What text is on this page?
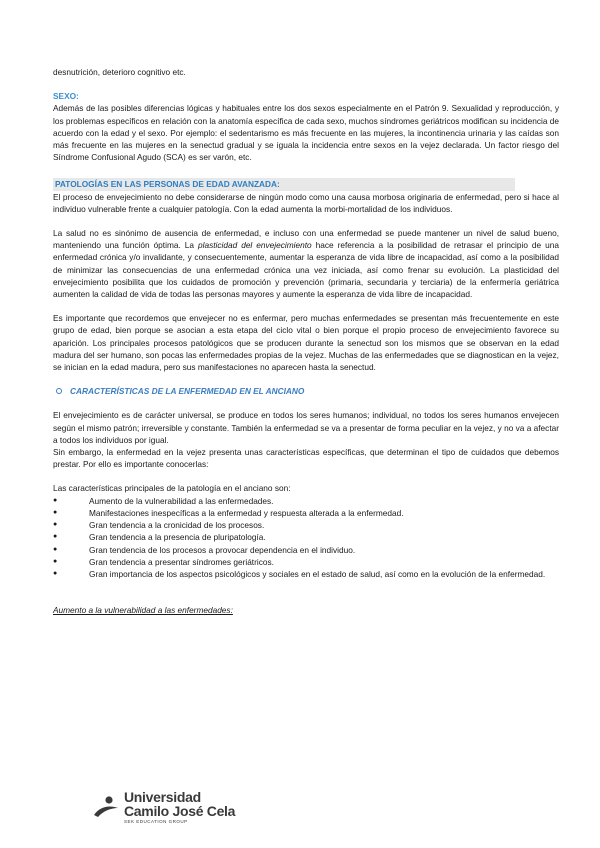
desnutrición, deterioro cognitivo etc.

SEXO:

Además de las posibles diferencias lógicas y habituales entre los dos sexos especialmente en el Patrón 9. Sexualidad y reproducción, y los problemas específicos en relación con la anatomía específica de cada sexo, muchos síndromes geriátricos modifican su incidencia de acuerdo con la edad y el sexo. Por ejemplo: el sedentarismo es más frecuente en las mujeres, la incontinencia urinaria y las caídas son más frecuente en las mujeres en la senectud gradual y se iguala la incidencia entre sexos en la vejez declarada. Un factor riesgo del Síndrome Confusional Agudo (SCA) es ser varón, etc.

PATOLOGÍAS EN LAS PERSONAS DE EDAD AVANZADA:

El proceso de envejecimiento no debe considerarse de ningún modo como una causa morbosa originaria de enfermedad, pero si hace al individuo vulnerable frente a cualquier patología. Con la edad aumenta la morbi-mortalidad de los individuos.

La salud no es sinónimo de ausencia de enfermedad, e incluso con una enfermedad se puede mantener un nivel de salud bueno, manteniendo una función óptima. La plasticidad del envejecimiento hace referencia a la posibilidad de retrasar el principio de una enfermedad crónica y/o invalidante, y consecuentemente, aumentar la esperanza de vida libre de incapacidad, así como a la posibilidad de minimizar las consecuencias de una enfermedad crónica una vez iniciada, así como frenar su evolución. La plasticidad del envejecimiento posibilita que los cuidados de promoción y prevención (primaria, secundaria y terciaria) de la enfermería geriátrica aumenten la calidad de vida de todas las personas mayores y aumente la esperanza de vida libre de incapacidad.

Es importante que recordemos que envejecer no es enfermar, pero muchas enfermedades se presentan más frecuentemente en este grupo de edad, bien porque se asocian a esta etapa del ciclo vital o bien porque el propio proceso de envejecimiento favorece su aparición. Los principales procesos patológicos que se producen durante la senectud son los mismos que se observan en la edad madura del ser humano, son pocas las enfermedades propias de la vejez. Muchas de las enfermedades que se diagnostican en la vejez, se inician en la edad madura, pero sus manifestaciones no aparecen hasta la senectud.

CARACTERÍSTICAS DE LA ENFERMEDAD EN EL ANCIANO

El envejecimiento es de carácter universal, se produce en todos los seres humanos; individual, no todos los seres humanos envejecen según el mismo patrón; irreversible y constante. También la enfermedad se va a presentar de forma peculiar en la vejez, y no va a afectar a todos los individuos por igual.

Sin embargo, la enfermedad en la vejez presenta unas características específicas, que determinan el tipo de cuidados que debemos prestar. Por ello es importante conocerlas:

Las características principales de la patología en el anciano son:

●	Aumento de la vulnerabilidad a las enfermedades.
●	Manifestaciones inespecíficas a la enfermedad y respuesta alterada a la enfermedad.
●	Gran tendencia a la cronicidad de los procesos.
●	Gran tendencia a la presencia de pluripatología.
●	Gran tendencia de los procesos a provocar dependencia en el individuo.
●	Gran tendencia a presentar síndromes geriátricos.
●	Gran importancia de los aspectos psicológicos y sociales en el estado de salud, así como en la evolución de la enfermedad.

Aumento a la vulnerabilidad a las enfermedades:

Universidad
Camilo José Cela
SEK EDUCATION GROUP
